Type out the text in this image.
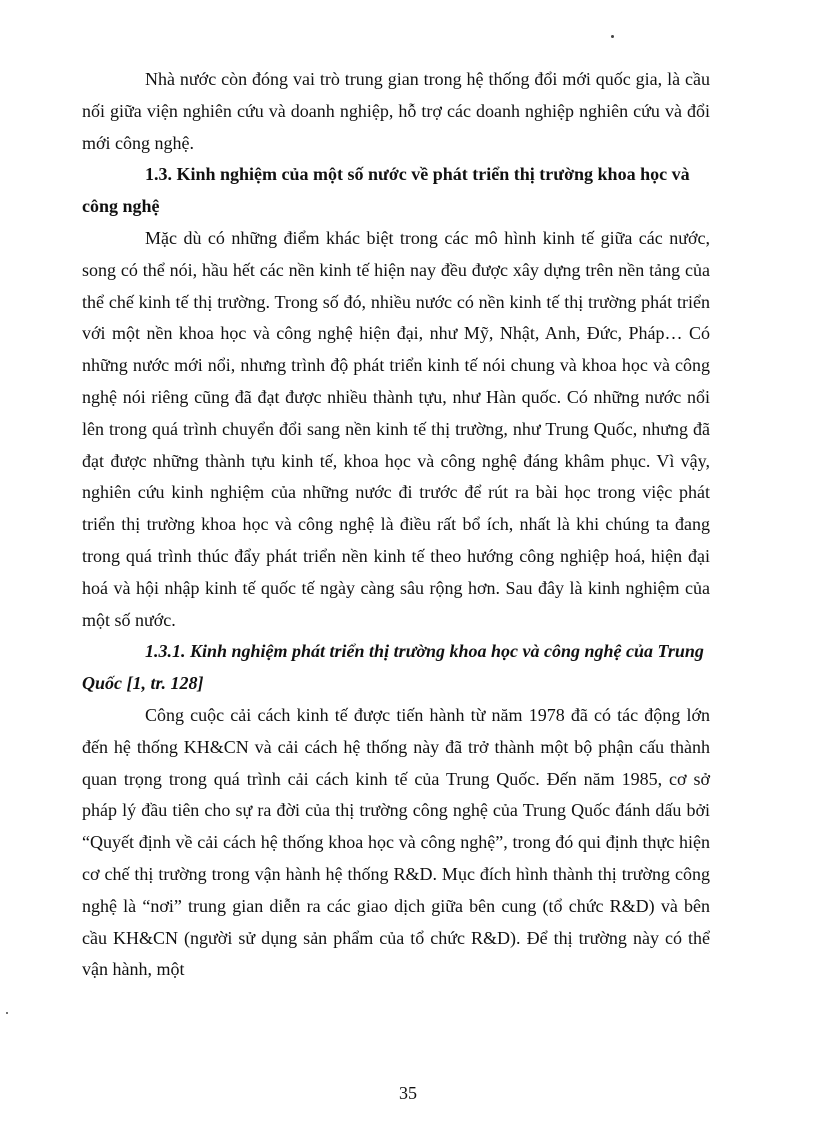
Nhà nước còn đóng vai trò trung gian trong hệ thống đổi mới quốc gia, là cầu nối giữa viện nghiên cứu và doanh nghiệp, hỗ trợ các doanh nghiệp nghiên cứu và đổi mới công nghệ.

1.3. Kinh nghiệm của một số nước về phát triển thị trường khoa học và công nghệ

Mặc dù có những điểm khác biệt trong các mô hình kinh tế giữa các nước, song có thể nói, hầu hết các nền kinh tế hiện nay đều được xây dựng trên nền tảng của thể chế kinh tế thị trường. Trong số đó, nhiều nước có nền kinh tế thị trường phát triển với một nền khoa học và công nghệ hiện đại, như Mỹ, Nhật, Anh, Đức, Pháp… Có những nước mới nổi, nhưng trình độ phát triển kinh tế nói chung và khoa học và công nghệ nói riêng cũng đã đạt được nhiều thành tựu, như Hàn quốc. Có những nước nổi lên trong quá trình chuyển đổi sang nền kinh tế thị trường, như Trung Quốc, nhưng đã đạt được những thành tựu kinh tế, khoa học và công nghệ đáng khâm phục. Vì vậy, nghiên cứu kinh nghiệm của những nước đi trước để rút ra bài học trong việc phát triển thị trường khoa học và công nghệ là điều rất bổ ích, nhất là khi chúng ta đang trong quá trình thúc đẩy phát triển nền kinh tế theo hướng công nghiệp hoá, hiện đại hoá và hội nhập kinh tế quốc tế ngày càng sâu rộng hơn. Sau đây là kinh nghiệm của một số nước.

1.3.1. Kinh nghiệm phát triển thị trường khoa học và công nghệ của Trung Quốc [1, tr. 128]

Công cuộc cải cách kinh tế được tiến hành từ năm 1978 đã có tác động lớn đến hệ thống KH&CN và cải cách hệ thống này đã trở thành một bộ phận cấu thành quan trọng trong quá trình cải cách kinh tế của Trung Quốc. Đến năm 1985, cơ sở pháp lý đầu tiên cho sự ra đời của thị trường công nghệ của Trung Quốc đánh dấu bởi “Quyết định về cải cách hệ thống khoa học và công nghệ”, trong đó qui định thực hiện cơ chế thị trường trong vận hành hệ thống R&D. Mục đích hình thành thị trường công nghệ là “nơi” trung gian diễn ra các giao dịch giữa bên cung (tổ chức R&D) và bên cầu KH&CN (người sử dụng sản phẩm của tổ chức R&D). Để thị trường này có thể vận hành, một

35
